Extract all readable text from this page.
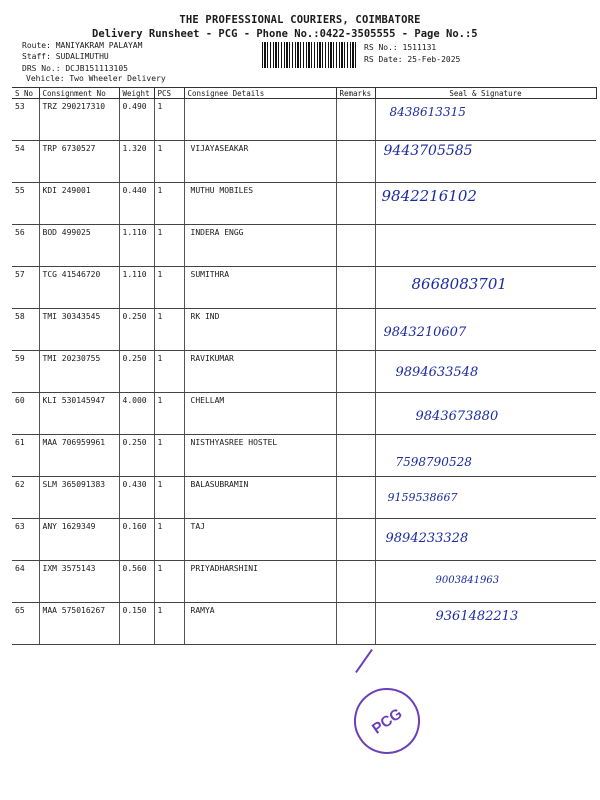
THE PROFESSIONAL COURIERS, COIMBATORE
Delivery Runsheet - PCG - Phone No.:0422-3505555 - Page No.:5
Route: MANIYAKRAM PALAYAM
Staff: SUDALIMUTHU
DRS No.: DCJB151113105
Vehicle: Two Wheeler Delivery
RS No.: 1511131
RS Date: 25-Feb-2025
S No	Consignment No	Weight	PCS	Consignee Details	Remarks	Seal & Signature
53	TRZ 290217310	0.490	1			8438613315

54	TRP 6730527	1.320	1	VIJAYASEAKAR		9443705585

55	KDI 249001	0.440	1	MUTHU MOBILES		9842216102

56	BOD 499025	1.110	1	INDERA ENGG		

57	TCG 41546720	1.110	1	SUMITHRA		8668083701

58	TMI 30343545	0.250	1	RK IND		9843210607

59	TMI 20230755	0.250	1	RAVIKUMAR		9894633548

60	KLI 530145947	4.000	1	CHELLAM		9843673880

61	MAA 706959961	0.250	1	NISTHYASREE HOSTEL		7598790528

62	SLM 365091383	0.430	1	BALASUBRAMIN		9159538667

63	ANY 1629349	0.160	1	TAJ		9894233328

64	IXM 3575143	0.560	1	PRIYADHARSHINI		9003841963

65	MAA 575016267	0.150	1	RAMYA		9361482213
PCG
